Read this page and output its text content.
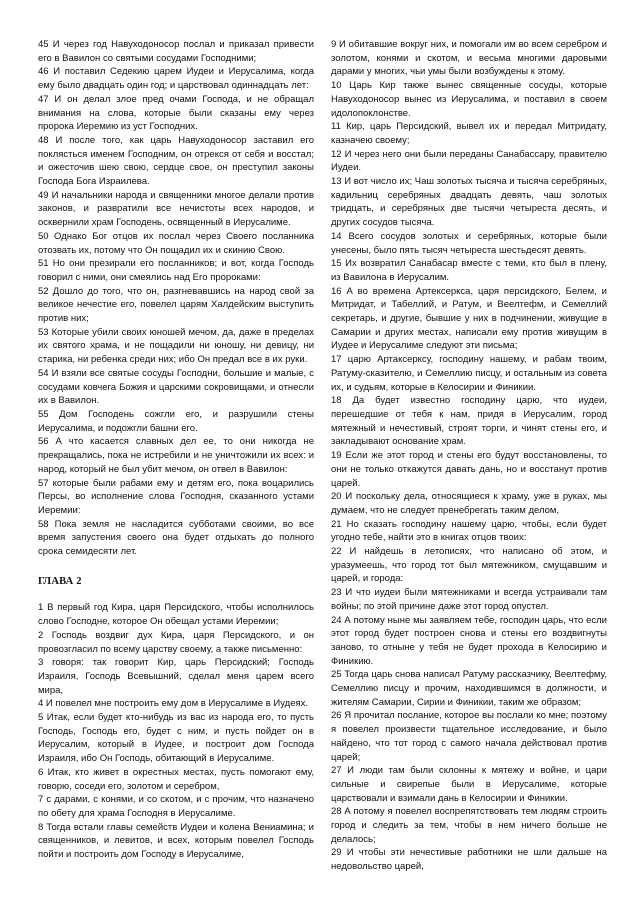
45 И через год Навуходоносор послал и приказал привести его в Вавилон со святыми сосудами Господними;

46 И поставил Седекию царем Иудеи и Иерусалима, когда ему было двадцать один год; и царствовал одиннадцать лет:

47 И он делал злое пред очами Господа, и не обращал внимания на слова, которые были сказаны ему через пророка Иеремию из уст Господних.

48 И после того, как царь Навуходоносор заставил его поклясться именем Господним, он отрекся от себя и восстал; и ожесточив шею свою, сердце свое, он преступил законы Господа Бога Израилева.

49 И начальники народа и священники многое делали против законов, и развратили все нечистоты всех народов, и осквернили храм Господень, освященный в Иерусалиме.

50 Однако Бог отцов их послал через Своего посланника отозвать их, потому что Он пощадил их и скинию Свою.

51 Но они презирали его посланников; и вот, когда Господь говорил с ними, они смеялись над Его пророками:

52 Дошло до того, что он, разгневавшись на народ свой за великое нечестие его, повелел царям Халдейским выступить против них;

53 Которые убили своих юношей мечом, да, даже в пределах их святого храма, и не пощадили ни юношу, ни девицу, ни старика, ни ребенка среди них; ибо Он предал все в их руки.

54 И взяли все святые сосуды Господни, большие и малые, с сосудами ковчега Божия и царскими сокровищами, и отнесли их в Вавилон.

55 Дом Господень сожгли его, и разрушили стены Иерусалима, и подожгли башни его.

56 А что касается славных дел ее, то они никогда не прекращались, пока не истребили и не уничтожили их всех: и народ, который не был убит мечом, он отвел в Вавилон:

57 которые были рабами ему и детям его, пока воцарились Персы, во исполнение слова Господня, сказанного устами Иеремии:

58 Пока земля не насладится субботами своими, во все время запустения своего она будет отдыхать до полного срока семидесяти лет.

ГЛАВА 2

1 В первый год Кира, царя Персидского, чтобы исполнилось слово Господне, которое Он обещал устами Иеремии;

2 Господь воздвиг дух Кира, царя Персидского, и он провозгласил по всему царству своему, а также письменно:

3 говоря: так говорит Кир, царь Персидский; Господь Израиля, Господь Всевышний, сделал меня царем всего мира,

4 И повелел мне построить ему дом в Иерусалиме в Иудеях.

5 Итак, если будет кто-нибудь из вас из народа его, то пусть Господь, Господь его, будет с ним, и пусть пойдет он в Иерусалим, который в Иудее, и построит дом Господа Израиля, ибо Он Господь, обитающий в Иерусалиме.

6 Итак, кто живет в окрестных местах, пусть помогают ему, говорю, соседи его, золотом и серебром,

7 с дарами, с конями, и со скотом, и с прочим, что назначено по обету для храма Господня в Иерусалиме.

8 Тогда встали главы семейств Иудеи и колена Вениамина; и священников, и левитов, и всех, которым повелел Господь пойти и построить дом Господу в Иерусалиме,

9 И обитавшие вокруг них, и помогали им во всем серебром и золотом, конями и скотом, и весьма многими даровыми дарами у многих, чьи умы были возбуждены к этому.

10 Царь Кир также вынес священные сосуды, которые Навуходоносор вынес из Иерусалима, и поставил в своем идолопоклонстве.

11 Кир, царь Персидский, вывел их и передал Митридату, казначею своему;

12 И через него они были переданы Санабассару, правителю Иудеи.

13 И вот число их; Чаш золотых тысяча и тысяча серебряных, кадильниц серебряных двадцать девять, чаш золотых тридцать, и серебряных две тысячи четыреста десять, и других сосудов тысяча.

14 Всего сосудов золотых и серебряных, которые были унесены, было пять тысяч четыреста шестьдесят девять.

15 Их возвратил Санабасар вместе с теми, кто был в плену, из Вавилона в Иерусалим.

16 А во времена Артексеркса, царя персидского, Белем, и Митридат, и Табеллий, и Ратум, и Веелтефм, и Семеллий секретарь, и другие, бывшие у них в подчинении, живущие в Самарии и других местах, написали ему против живущим в Иудее и Иерусалиме следуют эти письма;

17 царю Артаксерксу, господину нашему, и рабам твоим, Ратуму-сказителю, и Семеллию писцу, и остальным из совета их, и судьям, которые в Келосирии и Финикии.

18 Да будет известно господину царю, что иудеи, перешедшие от тебя к нам, придя в Иерусалим, город мятежный и нечестивый, строят торги, и чинят стены его, и закладывают основание храм.

19 Если же этот город и стены его будут восстановлены, то они не только откажутся давать дань, но и восстанут против царей.

20 И поскольку дела, относящиеся к храму, уже в руках, мы думаем, что не следует пренебрегать таким делом,

21 Но сказать господину нашему царю, чтобы, если будет угодно тебе, найти это в книгах отцов твоих:

22 И найдешь в летописях, что написано об этом, и уразумеешь, что город тот был мятежником, смущавшим и царей, и города:

23 И что иудеи были мятежниками и всегда устраивали там войны; по этой причине даже этот город опустел.

24 А потому ныне мы заявляем тебе, господин царь, что если этот город будет построен снова и стены его воздвигнуты заново, то отныне у тебя не будет прохода в Келосирию и Финикию.

25 Тогда царь снова написал Ратуму рассказчику, Веелтефму, Семеллию писцу и прочим, находившимся в должности, и жителям Самарии, Сирии и Финикии, таким же образом;

26 Я прочитал послание, которое вы послали ко мне; поэтому я повелел произвести тщательное исследование, и было найдено, что тот город с самого начала действовал против царей;

27 И люди там были склонны к мятежу и войне, и цари сильные и свирепые были в Иерусалиме, которые царствовали и взимали дань в Келосирии и Финикии.

28 А потому я повелел воспрепятствовать тем людям строить город и следить за тем, чтобы в нем ничего больше не делалось;

29 И чтобы эти нечестивые работники не шли дальше на недовольство царей,
